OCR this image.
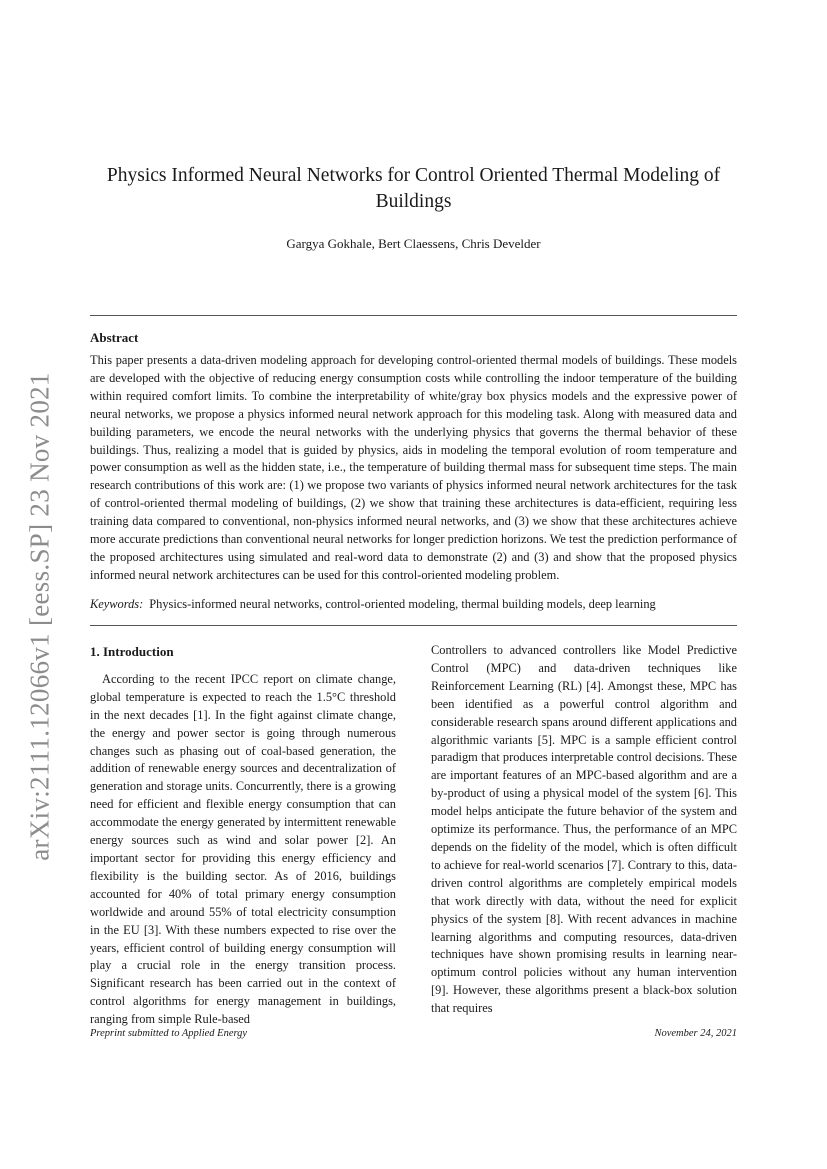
arXiv:2111.12066v1 [eess.SP] 23 Nov 2021
Physics Informed Neural Networks for Control Oriented Thermal Modeling of Buildings

Gargya Gokhale, Bert Claessens, Chris Develder

Abstract

This paper presents a data-driven modeling approach for developing control-oriented thermal models of buildings. These models are developed with the objective of reducing energy consumption costs while controlling the indoor temperature of the building within required comfort limits. To combine the interpretability of white/gray box physics models and the expressive power of neural networks, we propose a physics informed neural network approach for this modeling task. Along with measured data and building parameters, we encode the neural networks with the underlying physics that governs the thermal behavior of these buildings. Thus, realizing a model that is guided by physics, aids in modeling the temporal evolution of room temperature and power consumption as well as the hidden state, i.e., the temperature of building thermal mass for subsequent time steps. The main research contributions of this work are: (1) we propose two variants of physics informed neural network architectures for the task of control-oriented thermal modeling of buildings, (2) we show that training these architectures is data-efficient, requiring less training data compared to conventional, non-physics informed neural networks, and (3) we show that these architectures achieve more accurate predictions than conventional neural networks for longer prediction horizons. We test the prediction performance of the proposed architectures using simulated and real-word data to demonstrate (2) and (3) and show that the proposed physics informed neural network architectures can be used for this control-oriented modeling problem.

Keywords: Physics-informed neural networks, control-oriented modeling, thermal building models, deep learning

1. Introduction

According to the recent IPCC report on climate change, global temperature is expected to reach the 1.5°C threshold in the next decades [1]. In the fight against climate change, the energy and power sector is going through numerous changes such as phasing out of coal-based generation, the addition of renewable energy sources and decentralization of generation and storage units. Concurrently, there is a growing need for efficient and flexible energy consumption that can accommodate the energy generated by intermittent renewable energy sources such as wind and solar power [2]. An important sector for providing this energy efficiency and flexibility is the building sector. As of 2016, buildings accounted for 40% of total primary energy consumption worldwide and around 55% of total electricity consumption in the EU [3]. With these numbers expected to rise over the years, efficient control of building energy consumption will play a crucial role in the energy transition process. Significant research has been carried out in the context of control algorithms for energy management in buildings, ranging from simple Rule-based

Controllers to advanced controllers like Model Predictive Control (MPC) and data-driven techniques like Reinforcement Learning (RL) [4]. Amongst these, MPC has been identified as a powerful control algorithm and considerable research spans around different applications and algorithmic variants [5]. MPC is a sample efficient control paradigm that produces interpretable control decisions. These are important features of an MPC-based algorithm and are a by-product of using a physical model of the system [6]. This model helps anticipate the future behavior of the system and optimize its performance. Thus, the performance of an MPC depends on the fidelity of the model, which is often difficult to achieve for real-world scenarios [7]. Contrary to this, data-driven control algorithms are completely empirical models that work directly with data, without the need for explicit physics of the system [8]. With recent advances in machine learning algorithms and computing resources, data-driven techniques have shown promising results in learning near-optimum control policies without any human intervention [9]. However, these algorithms present a black-box solution that requires

Preprint submitted to Applied Energy	November 24, 2021
